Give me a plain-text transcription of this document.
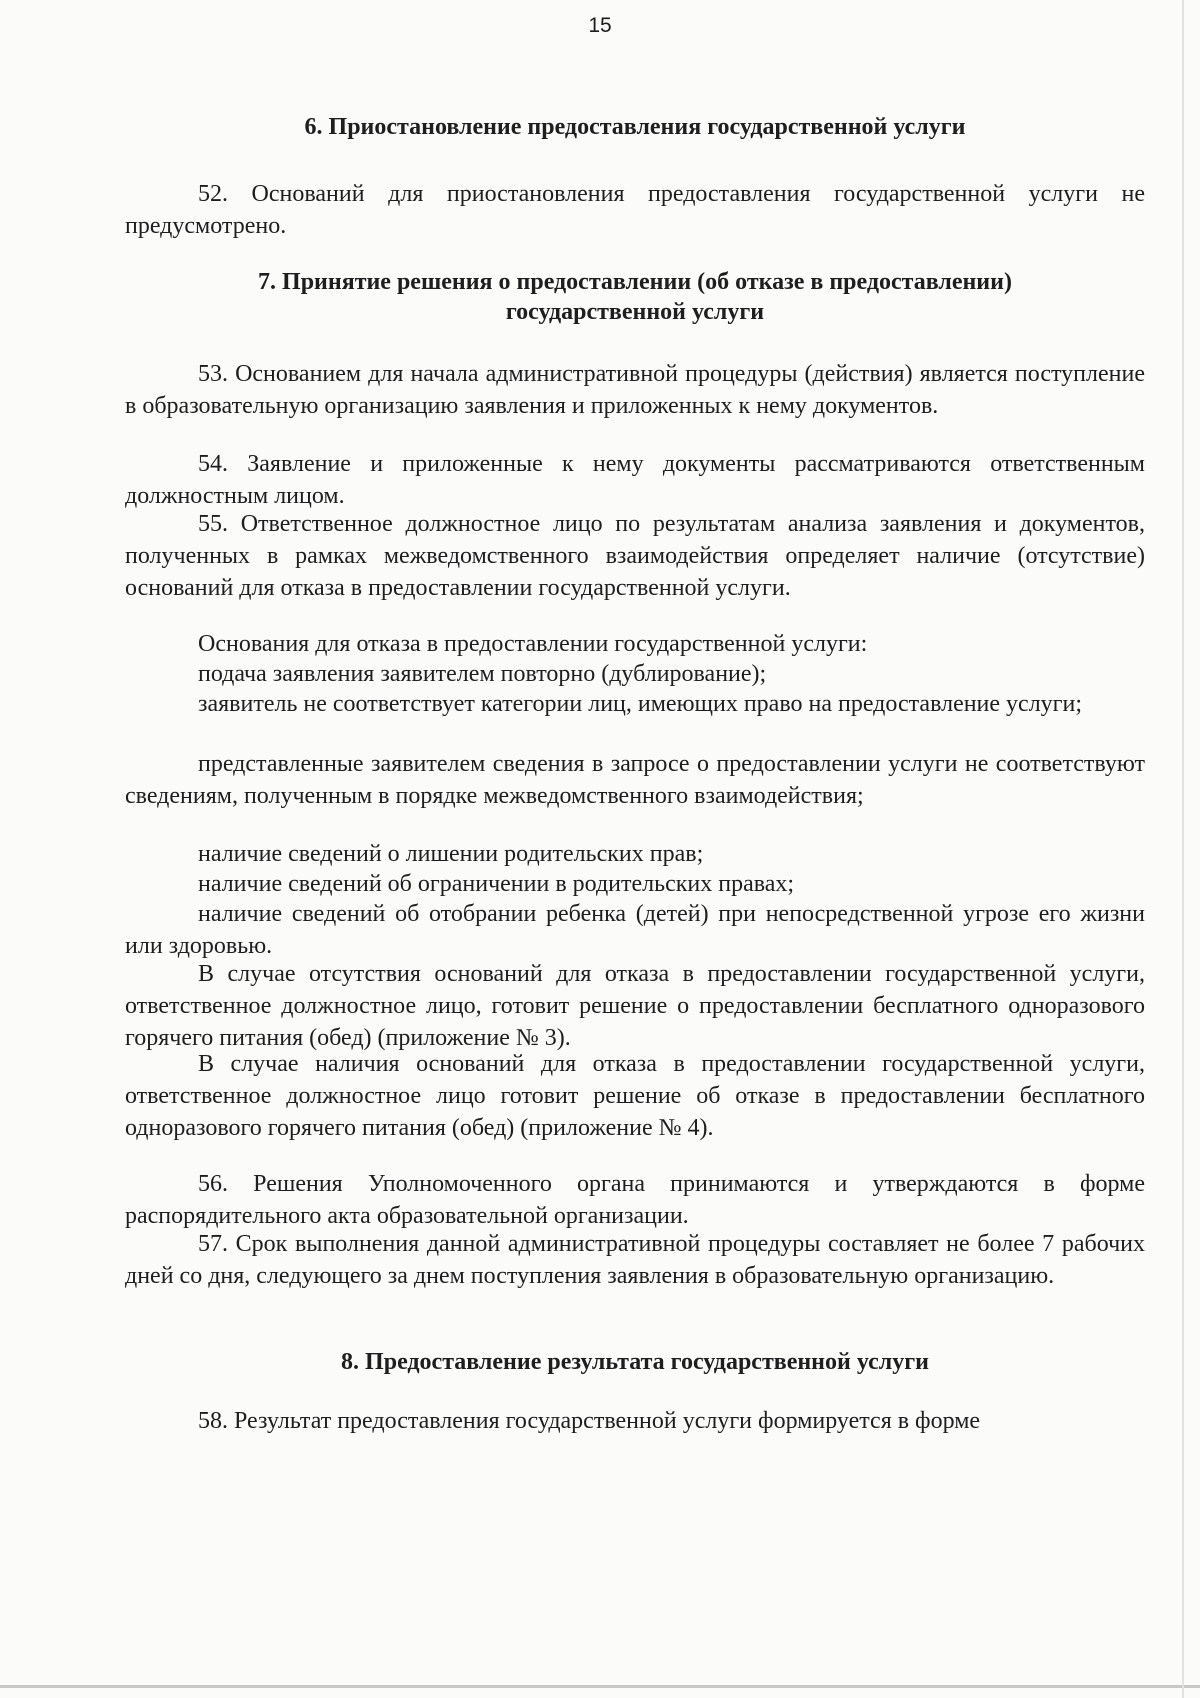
15
6. Приостановление предоставления государственной услуги
52. Оснований для приостановления предоставления государственной услуги не предусмотрено.
7. Принятие решения о предоставлении (об отказе в предоставлении)
государственной услуги
53. Основанием для начала административной процедуры (действия) является поступление в образовательную организацию заявления и приложенных к нему документов.
54. Заявление и приложенные к нему документы рассматриваются ответственным должностным лицом.
55. Ответственное должностное лицо по результатам анализа заявления и документов, полученных в рамках межведомственного взаимодействия определяет наличие (отсутствие) оснований для отказа в предоставлении государственной услуги.
Основания для отказа в предоставлении государственной услуги:
подача заявления заявителем повторно (дублирование);
заявитель не соответствует категории лиц, имеющих право на предоставление услуги;
представленные заявителем сведения в запросе о предоставлении услуги не соответствуют сведениям, полученным в порядке межведомственного взаимодействия;
наличие сведений о лишении родительских прав;
наличие сведений об ограничении в родительских правах;
наличие сведений об отобрании ребенка (детей) при непосредственной угрозе его жизни или здоровью.
В случае отсутствия оснований для отказа в предоставлении государственной услуги, ответственное должностное лицо, готовит решение о предоставлении бесплатного одноразового горячего питания (обед) (приложение № 3).
В случае наличия оснований для отказа в предоставлении государственной услуги, ответственное должностное лицо готовит решение об отказе в предоставлении бесплатного одноразового горячего питания (обед) (приложение № 4).
56. Решения Уполномоченного органа принимаются и утверждаются в форме распорядительного акта образовательной организации.
57. Срок выполнения данной административной процедуры составляет не более 7 рабочих дней со дня, следующего за днем поступления заявления в образовательную организацию.
8. Предоставление результата государственной услуги
58. Результат предоставления государственной услуги формируется в форме
